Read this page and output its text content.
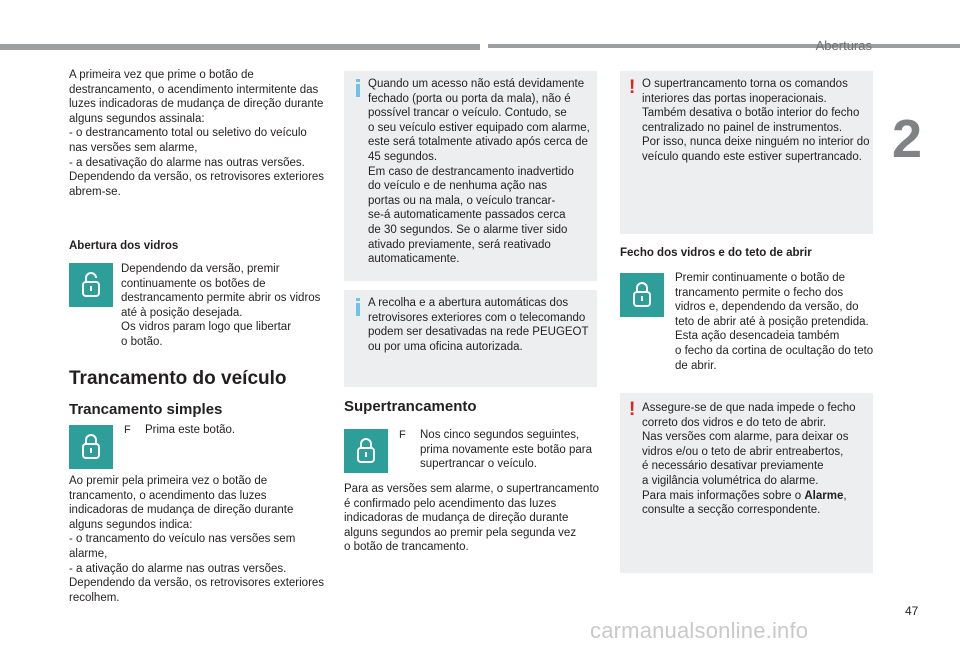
Aberturas
2
A primeira vez que prime o botão de
destrancamento, o acendimento intermitente das
luzes indicadoras de mudança de direção durante
alguns segundos assinala:
- o destrancamento total ou seletivo do veículo
nas versões sem alarme,
- a desativação do alarme nas outras versões.
Dependendo da versão, os retrovisores exteriores
abrem-se.
Abertura dos vidros
Dependendo da versão, premir
continuamente os botões de
destrancamento permite abrir os vidros
até à posição desejada.
Os vidros param logo que libertar
o botão.
Trancamento do veículo
Trancamento simples
F Prima este botão.
Ao premir pela primeira vez o botão de
trancamento, o acendimento das luzes
indicadoras de mudança de direção durante
alguns segundos indica:
- o trancamento do veículo nas versões sem
alarme,
- a ativação do alarme nas outras versões.
Dependendo da versão, os retrovisores exteriores
recolhem.
Quando um acesso não está devidamente
fechado (porta ou porta da mala), não é
possível trancar o veículo. Contudo, se
o seu veículo estiver equipado com alarme,
este será totalmente ativado após cerca de
45 segundos.
Em caso de destrancamento inadvertido
do veículo e de nenhuma ação nas
portas ou na mala, o veículo trancar-
se-á automaticamente passados cerca
de 30 segundos. Se o alarme tiver sido
ativado previamente, será reativado
automaticamente.
A recolha e a abertura automáticas dos
retrovisores exteriores com o telecomando
podem ser desativadas na rede PEUGEOT
ou por uma oficina autorizada.
Supertrancamento
F Nos cinco segundos seguintes,
prima novamente este botão para
supertrancar o veículo.
Para as versões sem alarme, o supertrancamento
é confirmado pelo acendimento das luzes
indicadoras de mudança de direção durante
alguns segundos ao premir pela segunda vez
o botão de trancamento.
! O supertrancamento torna os comandos
interiores das portas inoperacionais.
Também desativa o botão interior do fecho
centralizado no painel de instrumentos.
Por isso, nunca deixe ninguém no interior do
veículo quando este estiver supertrancado.
Fecho dos vidros e do teto de abrir
Premir continuamente o botão de
trancamento permite o fecho dos
vidros e, dependendo da versão, do
teto de abrir até à posição pretendida.
Esta ação desencadeia também
o fecho da cortina de ocultação do teto
de abrir.
! Assegure-se de que nada impede o fecho
correto dos vidros e do teto de abrir.
Nas versões com alarme, para deixar os
vidros e/ou o teto de abrir entreabertos,
é necessário desativar previamente
a vigilância volumétrica do alarme.
Para mais informações sobre o Alarme,
consulte a secção correspondente.
47
carmanualsonline.info
